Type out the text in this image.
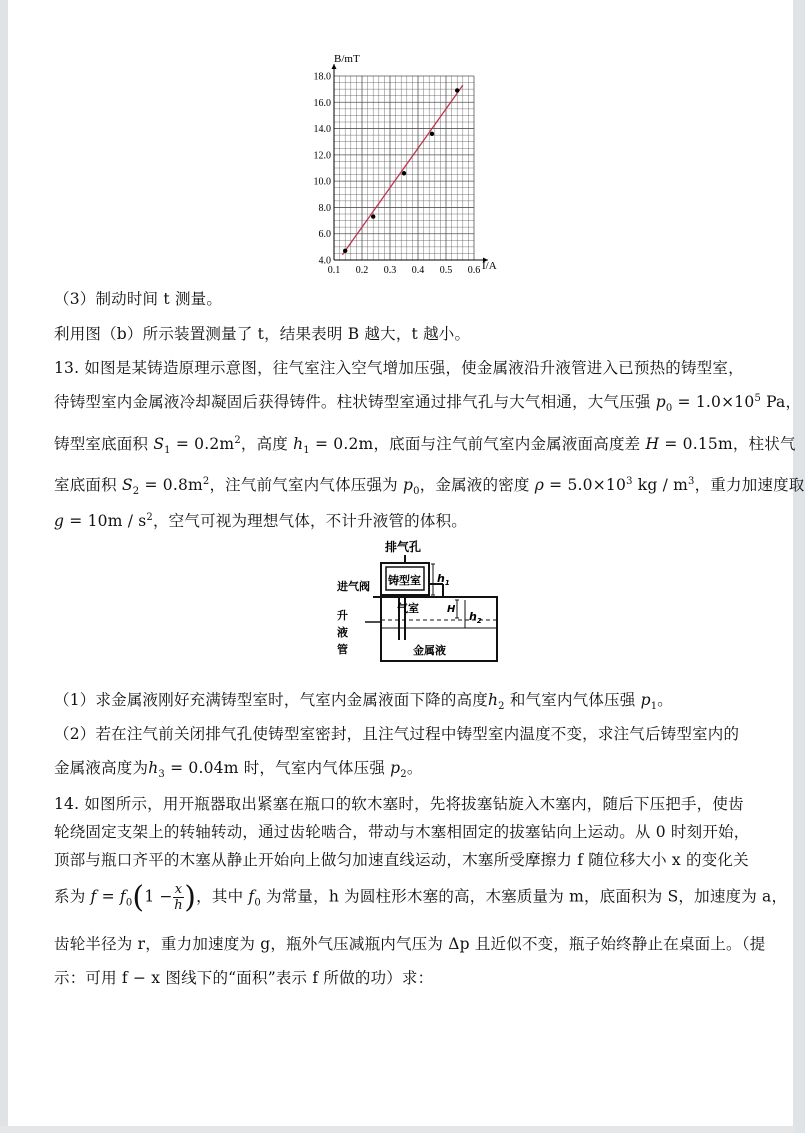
0.1 0.2 0.3 0.4 0.5 0.6
4.0
6.0
8.0
10.0
12.0
14.0
16.0
18.0
B/mT
I/A
（3）制动时间 t 测量。
利用图（b）所示装置测量了 t，结果表明 B 越大，t 越小。
13. 如图是某铸造原理示意图，往气室注入空气增加压强，使金属液沿升液管进入已预热的铸型室，
待铸型室内金属液冷却凝固后获得铸件。柱状铸型室通过排气孔与大气相通，大气压强 $p_0 = 1.0\times 10^5$ Pa，
铸型室底面积 $S_1 = 0.2m^2$，高度 $h_1 = 0.2m$，底面与注气前气室内金属液面高度差 H = 0.15m，柱状气
室底面积 $S_2 = 0.8m^2$，注气前气室内气体压强为 $p_0$，金属液的密度 $\rho = 5.0\times 10^3$ kg / $m^3$，重力加速度取
$g = 10m / s^2$，空气可视为理想气体，不计升液管的体积。
排气孔
铸型室
进气阀
气室
升
液
管	金属液
$h_1$
H
$h_2$
（1）求金属液刚好充满铸型室时，气室内金属液面下降的高度$h_2$ 和气室内气体压强 $p_1$。
（2）若在注气前关闭排气孔使铸型室密封，且注气过程中铸型室内温度不变，求注气后铸型室内的
金属液高度为$h_3 = 0.04m$ 时，气室内气体压强 $p_2$。
14. 如图所示，用开瓶器取出紧塞在瓶口的软木塞时，先将拔塞钻旋入木塞内，随后下压把手，使齿
轮绕固定支架上的转轴转动，通过齿轮啮合，带动与木塞相固定的拔塞钻向上运动。从 0 时刻开始，
顶部与瓶口齐平的木塞从静止开始向上做匀加速直线运动，木塞所受摩擦力 f 随位移大小 x 的变化关
系为 $f = f_0(1 - \frac{x}{h}$ )，其中 $f_0$ 为常量，h 为圆柱形木塞的高，木塞质量为 m，底面积为 S，加速度为 a，
齿轮半径为 r，重力加速度为 g，瓶外气压减瓶内气压为 Δp 且近似不变，瓶子始终静止在桌面上。（提
示：可用 f − x 图线下的“面积”表示 f 所做的功）求：
